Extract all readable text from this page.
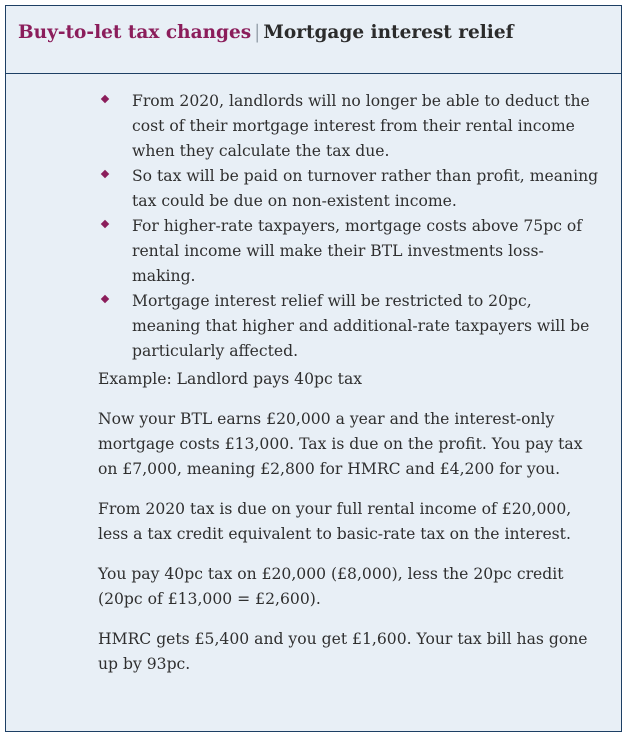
Buy-to-let tax changes | Mortgage interest relief
From 2020, landlords will no longer be able to deduct the cost of their mortgage interest from their rental income when they calculate the tax due.
So tax will be paid on turnover rather than profit, meaning tax could be due on non-existent income.
For higher-rate taxpayers, mortgage costs above 75pc of rental income will make their BTL investments loss-making.
Mortgage interest relief will be restricted to 20pc, meaning that higher and additional-rate taxpayers will be particularly affected.

Example: Landlord pays 40pc tax

Now your BTL earns £20,000 a year and the interest-only mortgage costs £13,000. Tax is due on the profit. You pay tax on £7,000, meaning £2,800 for HMRC and £4,200 for you.

From 2020 tax is due on your full rental income of £20,000, less a tax credit equivalent to basic-rate tax on the interest.

You pay 40pc tax on £20,000 (£8,000), less the 20pc credit (20pc of £13,000 = £2,600).

HMRC gets £5,400 and you get £1,600. Your tax bill has gone up by 93pc.
